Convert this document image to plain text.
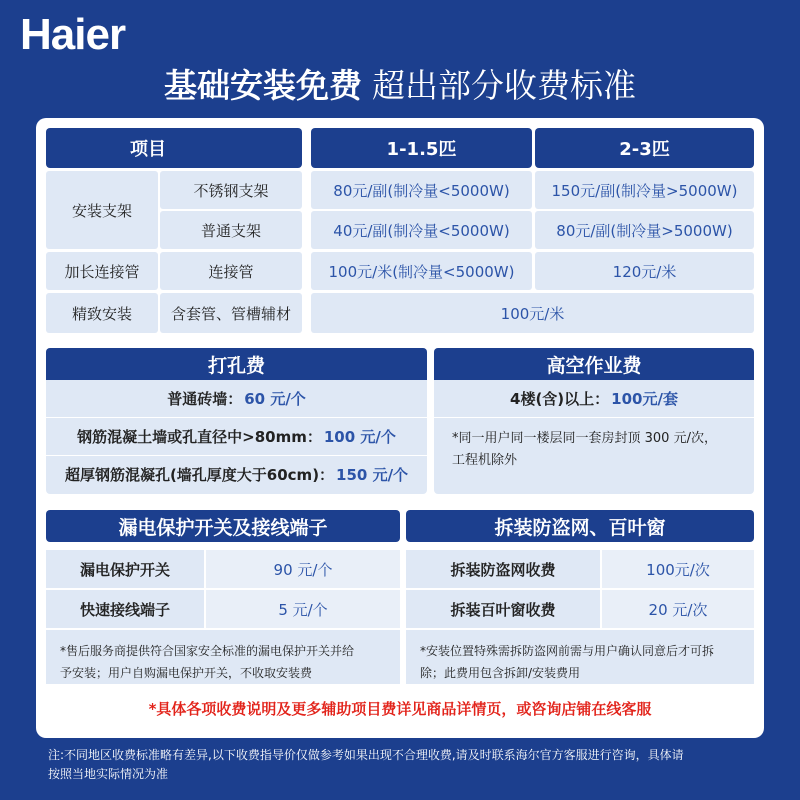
Haier
基础安装免费 超出部分收费标准
项目	1-1.5匹	2-3匹
安装支架
不锈钢支架	80元/副(制冷量<5000W)	150元/副(制冷量>5000W)
普通支架	40元/副(制冷量<5000W)	80元/副(制冷量>5000W)
加长连接管	连接管	100元/米(制冷量<5000W)	120元/米
精致安装	含套管、管槽辅材	100元/米
打孔费
普通砖墙： 60 元/个
钢筋混凝土墙或孔直径中>80mm： 100 元/个
超厚钢筋混凝孔(墙孔厚度大于60cm)： 150 元/个
高空作业费
4楼(含)以上： 100元/套
*同一用户同一楼层同一套房封顶 300 元/次，
工程机除外
漏电保护开关及接线端子
漏电保护开关	90 元/个
快速接线端子	5 元/个
*售后服务商提供符合国家安全标准的漏电保护开关并给
予安装；用户自购漏电保护开关，不收取安装费
拆装防盗网、百叶窗
拆装防盗网收费	100元/次
拆装百叶窗收费	20 元/次
*安装位置特殊需拆防盗网前需与用户确认同意后才可拆
除；此费用包含拆卸/安装费用
*具体各项收费说明及更多辅助项目费详见商品详情页，或咨询店铺在线客服
注:不同地区收费标准略有差异,以下收费指导价仅做参考如果出现不合理收费,请及时联系海尔官方客服进行咨询，具体请
按照当地实际情况为准
